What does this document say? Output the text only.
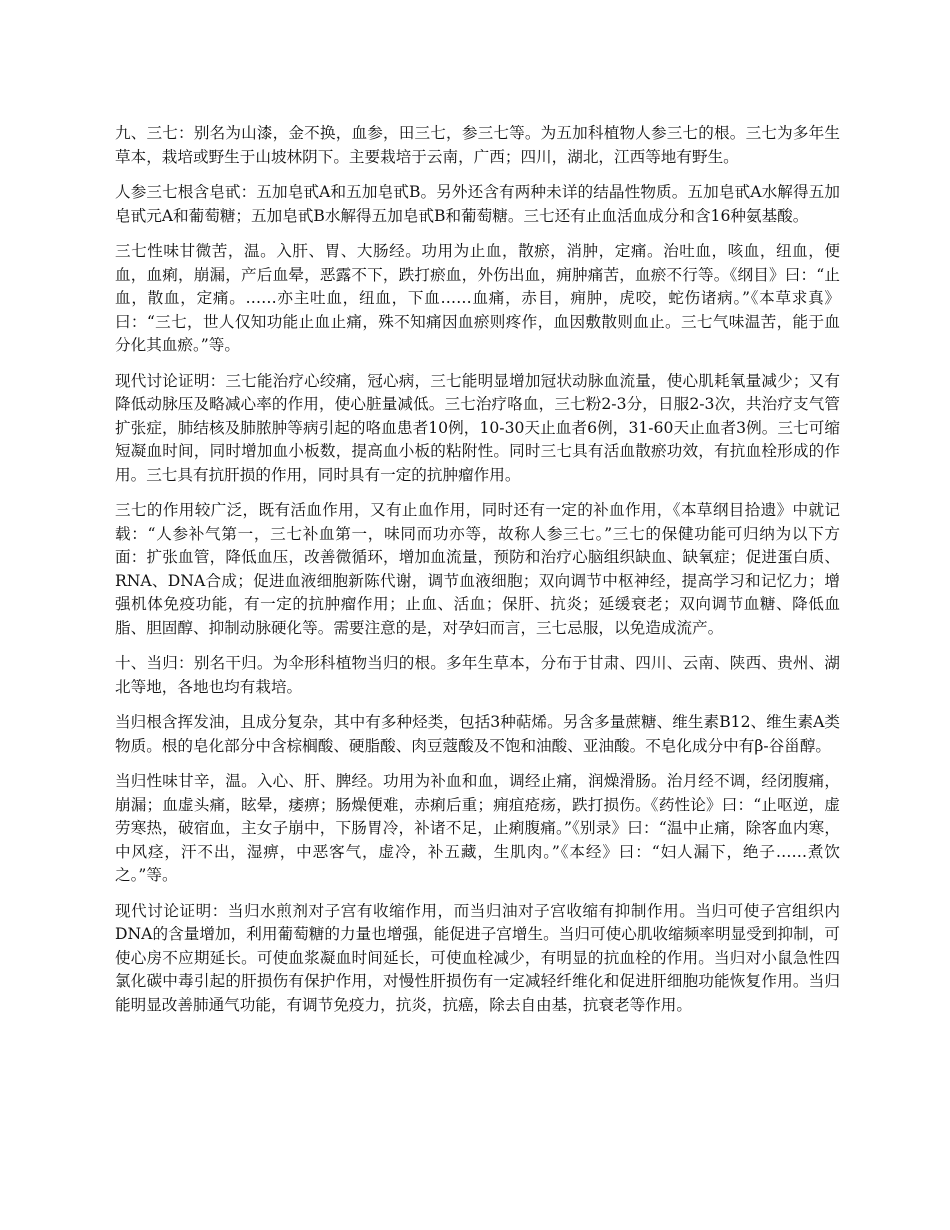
九、三七：别名为山漆，金不换，血参，田三七，参三七等。为五加科植物人参三七的根。三七为多年生草本，栽培或野生于山坡林阴下。主要栽培于云南，广西；四川，湖北，江西等地有野生。

人参三七根含皂甙：五加皂甙A和五加皂甙B。另外还含有两种未详的结晶性物质。五加皂甙A水解得五加皂甙元A和葡萄糖；五加皂甙B水解得五加皂甙B和葡萄糖。三七还有止血活血成分和含16种氨基酸。

三七性味甘微苦，温。入肝、胃、大肠经。功用为止血，散瘀，消肿，定痛。治吐血，咳血，纽血，便血，血痢，崩漏，产后血晕，恶露不下，跌打瘀血，外伤出血，痈肿痛苦，血瘀不行等。《纲目》曰：“止血，散血，定痛。……亦主吐血，纽血，下血……血痛，赤目，痈肿，虎咬，蛇伤诸病。”《本草求真》曰：“三七，世人仅知功能止血止痛，殊不知痛因血瘀则疼作，血因敷散则血止。三七气味温苦，能于血分化其血瘀。”等。

现代讨论证明：三七能治疗心绞痛，冠心病，三七能明显增加冠状动脉血流量，使心肌耗氧量减少；又有降低动脉压及略减心率的作用，使心脏量减低。三七治疗咯血，三七粉2-3分，日服2-3次，共治疗支气管扩张症，肺结核及肺脓肿等病引起的咯血患者10例，10-30天止血者6例，31-60天止血者3例。三七可缩短凝血时间，同时增加血小板数，提高血小板的粘附性。同时三七具有活血散瘀功效，有抗血栓形成的作用。三七具有抗肝损的作用，同时具有一定的抗肿瘤作用。

三七的作用较广泛，既有活血作用，又有止血作用，同时还有一定的补血作用，《本草纲目拾遗》中就记载：“人参补气第一，三七补血第一，味同而功亦等，故称人参三七。”三七的保健功能可归纳为以下方面：扩张血管，降低血压，改善微循环，增加血流量，预防和治疗心脑组织缺血、缺氧症；促进蛋白质、RNA、DNA合成；促进血液细胞新陈代谢，调节血液细胞；双向调节中枢神经，提高学习和记忆力；增强机体免疫功能，有一定的抗肿瘤作用；止血、活血；保肝、抗炎；延缓衰老；双向调节血糖、降低血脂、胆固醇、抑制动脉硬化等。需要注意的是，对孕妇而言，三七忌服，以免造成流产。

十、当归：别名干归。为伞形科植物当归的根。多年生草本，分布于甘肃、四川、云南、陕西、贵州、湖北等地，各地也均有栽培。

当归根含挥发油，且成分复杂，其中有多种烃类，包括3种萜烯。另含多量蔗糖、维生素B12、维生素A类物质。根的皂化部分中含棕榈酸、硬脂酸、肉豆蔻酸及不饱和油酸、亚油酸。不皂化成分中有β-谷甾醇。

当归性味甘辛，温。入心、肝、脾经。功用为补血和血，调经止痛，润燥滑肠。治月经不调，经闭腹痛，崩漏；血虚头痛，眩晕，痿痹；肠燥便难，赤痢后重；痈疽疮疡，跌打损伤。《药性论》曰：“止呕逆，虚劳寒热，破宿血，主女子崩中，下肠胃冷，补诸不足，止痢腹痛。”《别录》曰：“温中止痛，除客血内寒，中风痉，汗不出，湿痹，中恶客气，虚冷，补五藏，生肌肉。”《本经》曰：“妇人漏下，绝子……煮饮之。”等。

现代讨论证明：当归水煎剂对子宫有收缩作用，而当归油对子宫收缩有抑制作用。当归可使子宫组织内DNA的含量增加，利用葡萄糖的力量也增强，能促进子宫增生。当归可使心肌收缩频率明显受到抑制，可使心房不应期延长。可使血浆凝血时间延长，可使血栓减少，有明显的抗血栓的作用。当归对小鼠急性四氯化碳中毒引起的肝损伤有保护作用，对慢性肝损伤有一定减轻纤维化和促进肝细胞功能恢复作用。当归能明显改善肺通气功能，有调节免疫力，抗炎，抗癌，除去自由基，抗衰老等作用。
